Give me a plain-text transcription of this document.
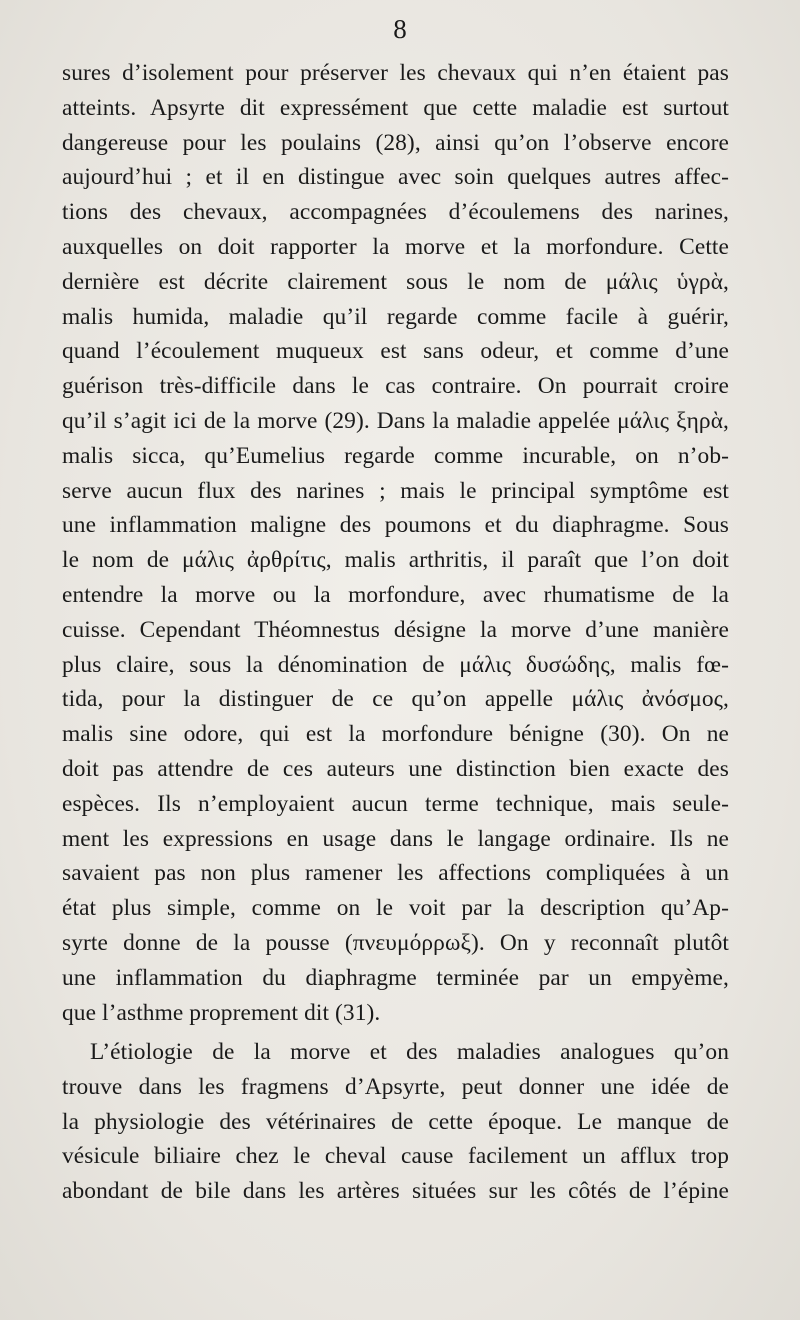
8
sures d’isolement pour préserver les chevaux qui n’en étaient pas
atteints. Apsyrte dit expressément que cette maladie est surtout
dangereuse pour les poulains (28), ainsi qu’on l’observe encore
aujourd’hui ; et il en distingue avec soin quelques autres affec-
tions des chevaux, accompagnées d’écoulemens des narines,
auxquelles on doit rapporter la morve et la morfondure. Cette
dernière est décrite clairement sous le nom de μάλις ὑγρὰ,
malis humida, maladie qu’il regarde comme facile à guérir,
quand l’écoulement muqueux est sans odeur, et comme d’une
guérison très-difficile dans le cas contraire. On pourrait croire
qu’il s’agit ici de la morve (29). Dans la maladie appelée μάλις ξηρὰ,
malis sicca, qu’Eumelius regarde comme incurable, on n’ob-
serve aucun flux des narines ; mais le principal symptôme est
une inflammation maligne des poumons et du diaphragme. Sous
le nom de μάλις ἀρθρίτις, malis arthritis, il paraît que l’on doit
entendre la morve ou la morfondure, avec rhumatisme de la
cuisse. Cependant Théomnestus désigne la morve d’une manière
plus claire, sous la dénomination de μάλις δυσώδης, malis fœ-
tida, pour la distinguer de ce qu’on appelle μάλις ἀνόσμος,
malis sine odore, qui est la morfondure bénigne (30). On ne
doit pas attendre de ces auteurs une distinction bien exacte des
espèces. Ils n’employaient aucun terme technique, mais seule-
ment les expressions en usage dans le langage ordinaire. Ils ne
savaient pas non plus ramener les affections compliquées à un
état plus simple, comme on le voit par la description qu’Ap-
syrte donne de la pousse (πνευμόρρωξ). On y reconnaît plutôt
une inflammation du diaphragme terminée par un empyème,
que l’asthme proprement dit (31).
L’étiologie de la morve et des maladies analogues qu’on
trouve dans les fragmens d’Apsyrte, peut donner une idée de
la physiologie des vétérinaires de cette époque. Le manque de
vésicule biliaire chez le cheval cause facilement un afflux trop
abondant de bile dans les artères situées sur les côtés de l’épine
